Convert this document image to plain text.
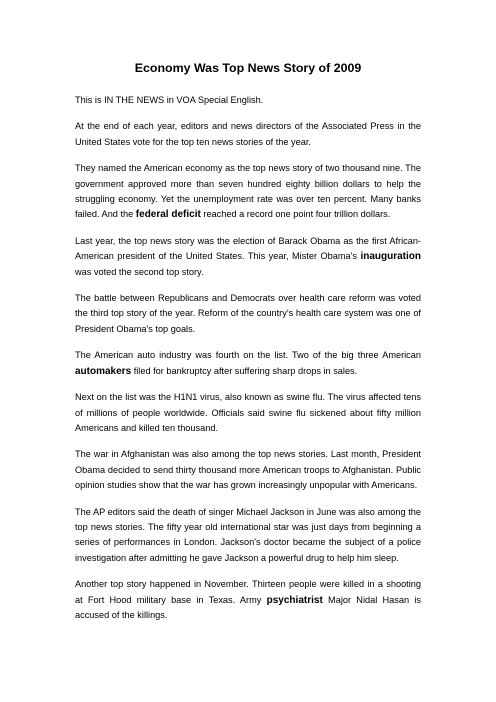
Economy Was Top News Story of 2009

This is IN THE NEWS in VOA Special English.

At the end of each year, editors and news directors of the Associated Press in the United States vote for the top ten news stories of the year.

They named the American economy as the top news story of two thousand nine. The government approved more than seven hundred eighty billion dollars to help the struggling economy. Yet the unemployment rate was over ten percent. Many banks failed. And the federal deficit reached a record one point four trillion dollars.

Last year, the top news story was the election of Barack Obama as the first African-American president of the United States. This year, Mister Obama's inauguration was voted the second top story.

The battle between Republicans and Democrats over health care reform was voted the third top story of the year. Reform of the country's health care system was one of President Obama's top goals.

The American auto industry was fourth on the list. Two of the big three American automakers filed for bankruptcy after suffering sharp drops in sales.

Next on the list was the H1N1 virus, also known as swine flu. The virus affected tens of millions of people worldwide. Officials said swine flu sickened about fifty million Americans and killed ten thousand.

The war in Afghanistan was also among the top news stories. Last month, President Obama decided to send thirty thousand more American troops to Afghanistan. Public opinion studies show that the war has grown increasingly unpopular with Americans.

The AP editors said the death of singer Michael Jackson in June was also among the top news stories. The fifty year old international star was just days from beginning a series of performances in London. Jackson's doctor became the subject of a police investigation after admitting he gave Jackson a powerful drug to help him sleep.

Another top story happened in November. Thirteen people were killed in a shooting at Fort Hood military base in Texas. Army psychiatrist Major Nidal Hasan is accused of the killings.
